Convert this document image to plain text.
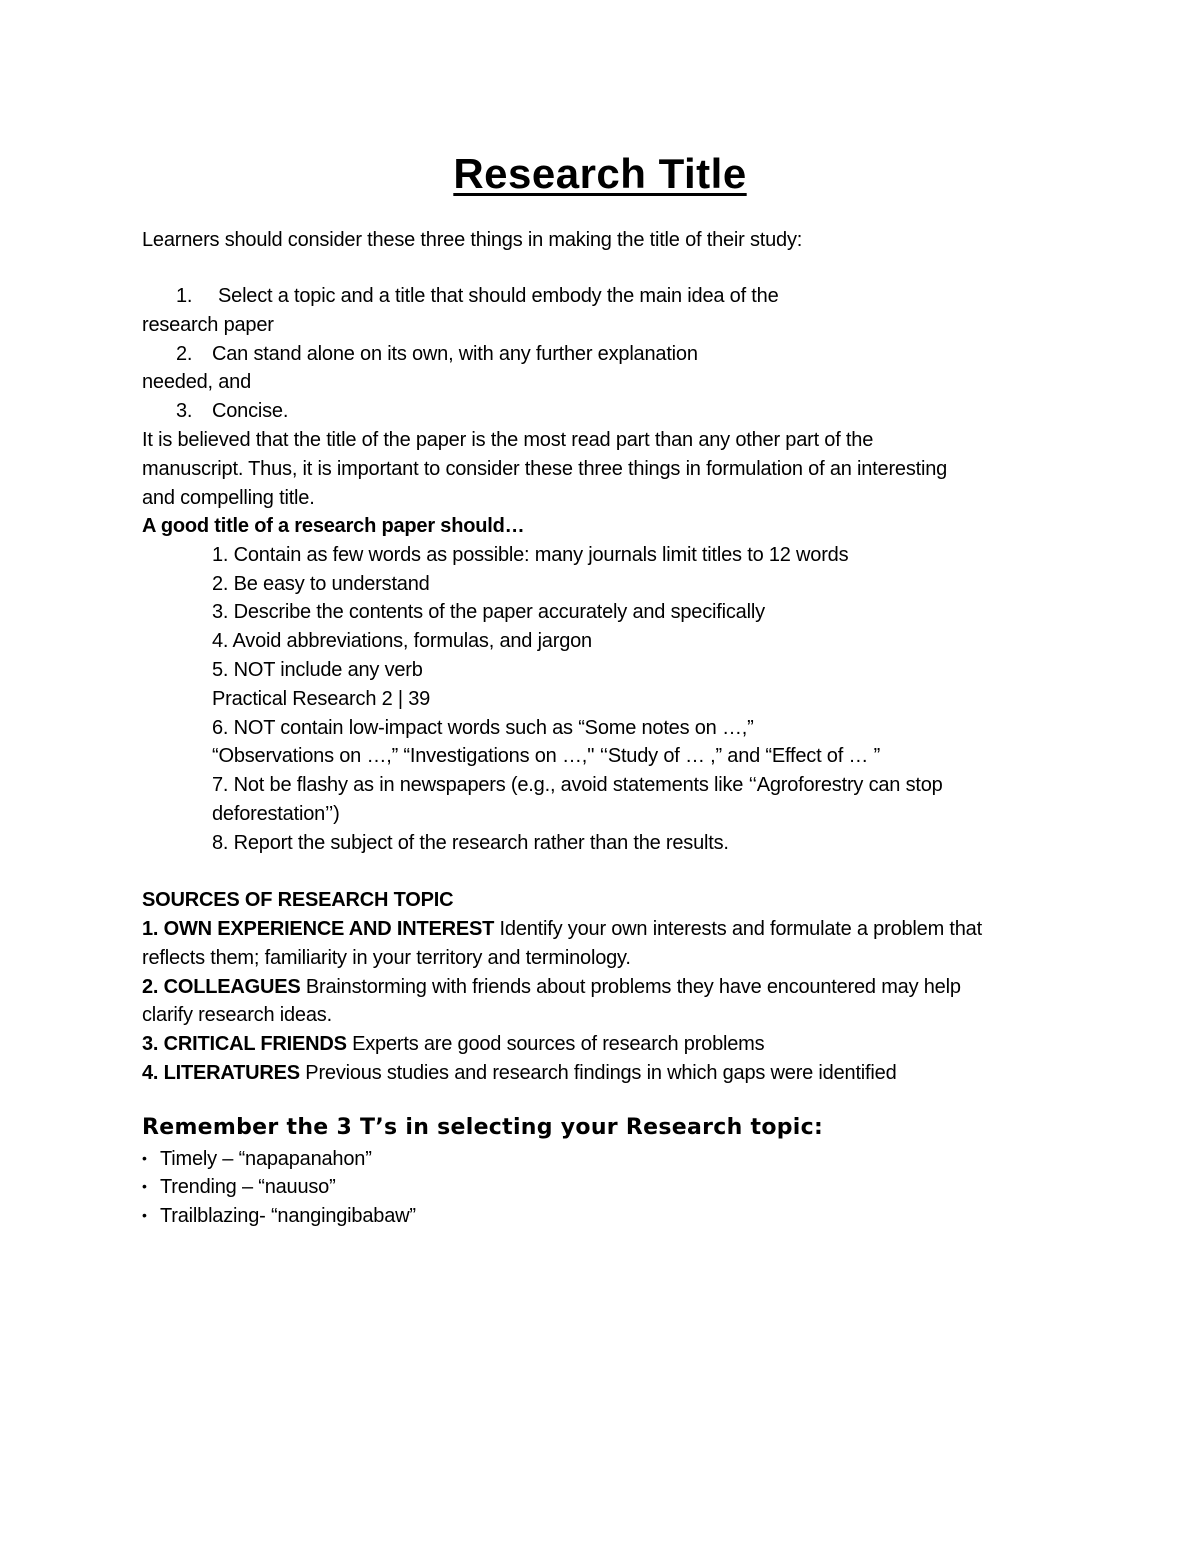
Research Title
Learners should consider these three things in making the title of their study:
1. Select a topic and a title that should embody the main idea of the
research paper
2. Can stand alone on its own, with any further explanation
needed, and
3. Concise.
It is believed that the title of the paper is the most read part than any other part of the
manuscript. Thus, it is important to consider these three things in formulation of an interesting
and compelling title.
A good title of a research paper should…
1. Contain as few words as possible: many journals limit titles to 12 words
2. Be easy to understand
3. Describe the contents of the paper accurately and specifically
4. Avoid abbreviations, formulas, and jargon
5. NOT include any verb
Practical Research 2 | 39
6. NOT contain low-impact words such as “Some notes on …,”
“Observations on …,” “Investigations on …,'' ‘‘Study of … ,” and “Effect of … ”
7. Not be flashy as in newspapers (e.g., avoid statements like ‘‘Agroforestry can stop
deforestation’’)
8. Report the subject of the research rather than the results.
SOURCES OF RESEARCH TOPIC
1. OWN EXPERIENCE AND INTEREST Identify your own interests and formulate a problem that
reflects them; familiarity in your territory and terminology.
2. COLLEAGUES Brainstorming with friends about problems they have encountered may help
clarify research ideas.
3. CRITICAL FRIENDS Experts are good sources of research problems
4. LITERATURES Previous studies and research findings in which gaps were identified
Remember the 3 T’s in selecting your Research topic:
• Timely – “napapanahon”
• Trending – “nauuso”
• Trailblazing- “nangingibabaw”
